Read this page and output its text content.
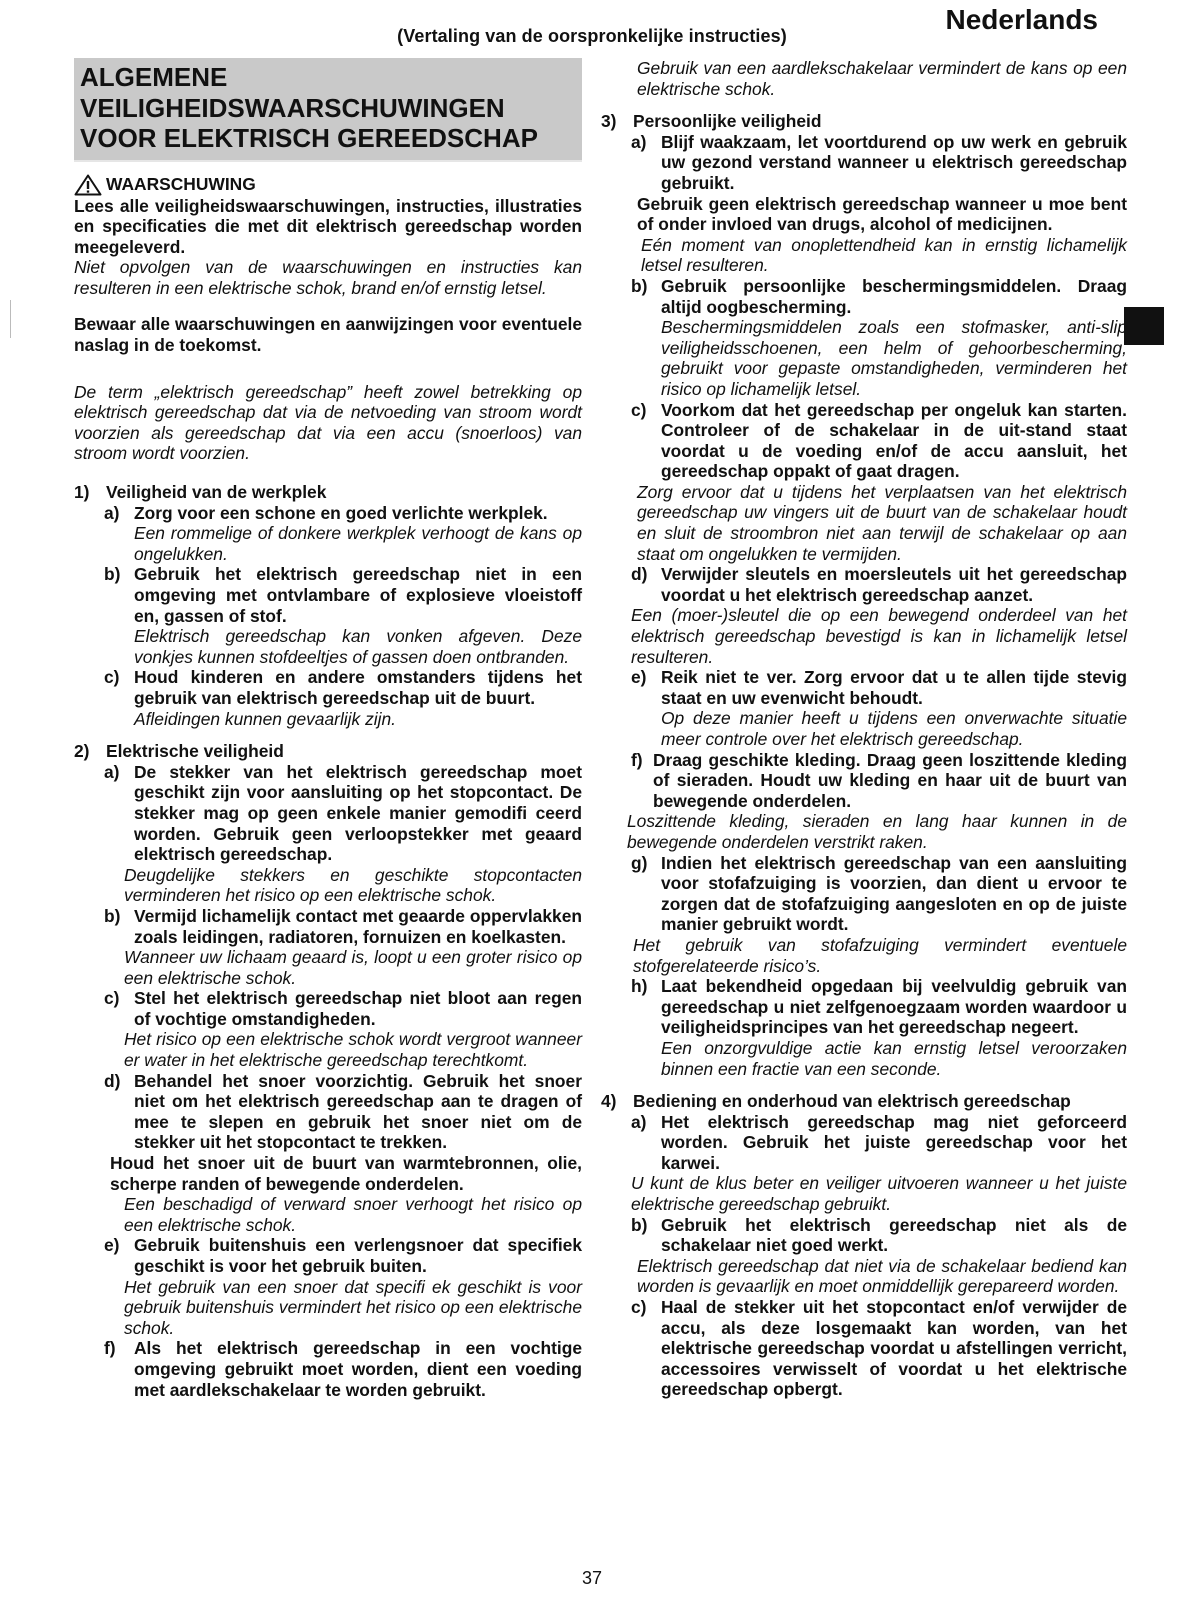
(Vertaling van de oorspronkelijke instructies)
Nederlands
ALGEMENE
VEILIGHEIDSWAARSCHUWINGEN
VOOR ELEKTRISCH GEREEDSCHAP
WAARSCHUWING
Lees alle veiligheidswaarschuwingen, instructies, illustraties en specificaties die met dit elektrisch gereedschap worden meegeleverd.
Niet opvolgen van de waarschuwingen en instructies kan resulteren in een elektrische schok, brand en/of ernstig letsel.
Bewaar alle waarschuwingen en aanwijzingen voor eventuele naslag in de toekomst.
De term „elektrisch gereedschap” heeft zowel betrekking op elektrisch gereedschap dat via de netvoeding van stroom wordt voorzien als gereedschap dat via een accu (snoerloos) van stroom wordt voorzien.
1) Veiligheid van de werkplek
a) Zorg voor een schone en goed verlichte werkplek.
Een rommelige of donkere werkplek verhoogt de kans op ongelukken.
b) Gebruik het elektrisch gereedschap niet in een omgeving met ontvlambare of explosieve vloeistoff en, gassen of stof.
Elektrisch gereedschap kan vonken afgeven. Deze vonkjes kunnen stofdeeltjes of gassen doen ontbranden.
c) Houd kinderen en andere omstanders tijdens het gebruik van elektrisch gereedschap uit de buurt.
Afleidingen kunnen gevaarlijk zijn.
2) Elektrische veiligheid
a) De stekker van het elektrisch gereedschap moet geschikt zijn voor aansluiting op het stopcontact. De stekker mag op geen enkele manier gemodifi ceerd worden. Gebruik geen verloopstekker met geaard elektrisch gereedschap.
Deugdelijke stekkers en geschikte stopcontacten verminderen het risico op een elektrische schok.
b) Vermijd lichamelijk contact met geaarde oppervlakken zoals leidingen, radiatoren, fornuizen en koelkasten.
Wanneer uw lichaam geaard is, loopt u een groter risico op een elektrische schok.
c) Stel het elektrisch gereedschap niet bloot aan regen of vochtige omstandigheden.
Het risico op een elektrische schok wordt vergroot wanneer er water in het elektrische gereedschap terechtkomt.
d) Behandel het snoer voorzichtig. Gebruik het snoer niet om het elektrisch gereedschap aan te dragen of mee te slepen en gebruik het snoer niet om de stekker uit het stopcontact te trekken.
Houd het snoer uit de buurt van warmtebronnen, olie, scherpe randen of bewegende onderdelen.
Een beschadigd of verward snoer verhoogt het risico op een elektrische schok.
e) Gebruik buitenshuis een verlengsnoer dat specifiek geschikt is voor het gebruik buiten.
Het gebruik van een snoer dat specifi ek geschikt is voor gebruik buitenshuis vermindert het risico op een elektrische schok.
f)	Als het elektrisch gereedschap in een vochtige omgeving gebruikt moet worden, dient een voeding met aardlekschakelaar te worden gebruikt.
Gebruik van een aardlekschakelaar vermindert de kans op een elektrische schok.
3) Persoonlijke veiligheid
a) Blijf waakzaam, let voortdurend op uw werk en gebruik uw gezond verstand wanneer u elektrisch gereedschap gebruikt.
Gebruik geen elektrisch gereedschap wanneer u moe bent of onder invloed van drugs, alcohol of medicijnen.
Eén moment van onoplettendheid kan in ernstig lichamelijk letsel resulteren.
b) Gebruik persoonlijke beschermingsmiddelen. Draag altijd oogbescherming.
Beschermingsmiddelen zoals een stofmasker, anti-slip veiligheidsschoenen, een helm of gehoorbescherming, gebruikt voor gepaste omstandigheden, verminderen het risico op lichamelijk letsel.
c) Voorkom dat het gereedschap per ongeluk kan starten. Controleer of de schakelaar in de uit-stand staat voordat u de voeding en/of de accu aansluit, het gereedschap oppakt of gaat dragen.
Zorg ervoor dat u tijdens het verplaatsen van het elektrisch gereedschap uw vingers uit de buurt van de schakelaar houdt en sluit de stroombron niet aan terwijl de schakelaar op aan staat om ongelukken te vermijden.
d) Verwijder sleutels en moersleutels uit het gereedschap voordat u het elektrisch gereedschap aanzet.
Een (moer-)sleutel die op een bewegend onderdeel van het elektrisch gereedschap bevestigd is kan in lichamelijk letsel resulteren.
e) Reik niet te ver. Zorg ervoor dat u te allen tijde stevig staat en uw evenwicht behoudt.
Op deze manier heeft u tijdens een onverwachte situatie meer controle over het elektrisch gereedschap.
f) Draag geschikte kleding. Draag geen loszittende kleding of sieraden. Houdt uw kleding en haar uit de buurt van bewegende onderdelen.
Loszittende kleding, sieraden en lang haar kunnen in de bewegende onderdelen verstrikt raken.
g) Indien het elektrisch gereedschap van een aansluiting voor stofafzuiging is voorzien, dan dient u ervoor te zorgen dat de stofafzuiging aangesloten en op de juiste manier gebruikt wordt.
Het gebruik van stofafzuiging vermindert eventuele stofgerelateerde risico’s.
h) Laat bekendheid opgedaan bij veelvuldig gebruik van gereedschap u niet zelfgenoegzaam worden waardoor u veiligheidsprincipes van het gereedschap negeert.
Een onzorgvuldige actie kan ernstig letsel veroorzaken binnen een fractie van een seconde.
4) Bediening en onderhoud van elektrisch gereedschap
a) Het elektrisch gereedschap mag niet geforceerd worden. Gebruik het juiste gereedschap voor het karwei.
U kunt de klus beter en veiliger uitvoeren wanneer u het juiste elektrische gereedschap gebruikt.
b) Gebruik het elektrisch gereedschap niet als de schakelaar niet goed werkt.
Elektrisch gereedschap dat niet via de schakelaar bediend kan worden is gevaarlijk en moet onmiddellijk gerepareerd worden.
c) Haal de stekker uit het stopcontact en/of verwijder de accu, als deze losgemaakt kan worden, van het elektrische gereedschap voordat u afstellingen verricht, accessoires verwisselt of voordat u het elektrische gereedschap opbergt.
37
